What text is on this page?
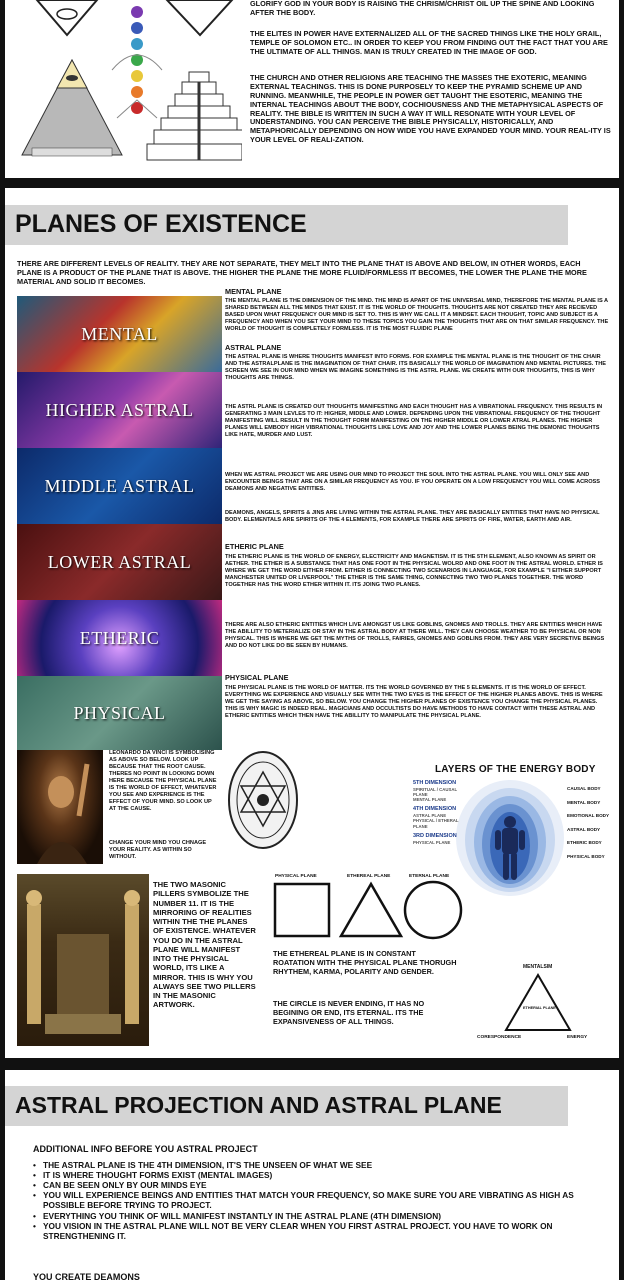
GLORIFY GOD IN YOUR BODY IS RAISING THE CHRISM/CHRIST OIL UP THE SPINE AND LOOKING AFTER THE BODY.
THE ELITES IN POWER HAVE EXTERNALIZED ALL OF THE SACRED THINGS LIKE THE HOLY GRAIL, TEMPLE OF SOLOMON ETC.. IN ORDER TO KEEP YOU FROM FINDING OUT THE FACT THAT YOU ARE THE ULTIMATE OF ALL THINGS. MAN IS TRULY CREATED IN THE IMAGE OF GOD.
THE CHURCH AND OTHER RELIGIONS ARE TEACHING THE MASSES THE EXOTERIC, MEANING EXTERNAL TEACHINGS. THIS IS DONE PURPOSELY TO KEEP THE PYRAMID SCHEME UP AND RUNNING. MEANWHILE, THE PEOPLE IN POWER GET TAUGHT THE ESOTERIC, MEANING THE INTERNAL TEACHINGS ABOUT THE BODY, COCHIOUSNESS AND THE METAPHYSICAL ASPECTS OF REALITY. THE BIBLE IS WRITTEN IN SUCH A WAY IT WILL RESONATE WITH YOUR LEVEL OF UNDERSTANDING. YOU CAN PERCEIVE THE BIBLE PHYSICALLY, HISTORICALLY, AND METAPHORICALLY DEPENDING ON HOW WIDE YOU HAVE EXPANDED YOUR MIND. YOUR REAL-ITY IS YOUR LEVEL OF REALI-ZATION.
PLANES OF EXISTENCE
THERE ARE DIFFERENT LEVELS OF REALITY. THEY ARE NOT SEPARATE, THEY MELT INTO THE PLANE THAT IS ABOVE AND BELOW, IN OTHER WORDS, EACH PLANE IS A PRODUCT OF THE PLANE THAT IS ABOVE. THE HIGHER THE PLANE THE MORE FLUID/FORMLESS IT BECOMES, THE LOWER THE PLANE THE MORE MATERIAL AND SOLID IT BECOMES.
MENTAL
HIGHER ASTRAL
MIDDLE ASTRAL
LOWER ASTRAL
ETHERIC
PHYSICAL
MENTAL PLANE
THE MENTAL PLANE IS THE DIMENSION OF THE MIND. THE MIND IS APART OF THE UNIVERSAL MIND, THEREFORE THE MENTAL PLANE IS A SHARED BETWEEN ALL THE MINDS THAT EXIST. IT IS THE WORLD OF THOUGHTS. THOUGHTS ARE NOT CREATED THEY ARE RECIEVED BASED UPON WHAT FREQUENCY OUR MIND IS SET TO. THIS IS WHY WE CALL IT A MINDSET. EACH THOUGHT, TOPIC AND SUBJECT IS A FREQUENCY AND WHEN YOU SET YOUR MIND TO THESE TOPICS YOU GAIN THE THOUGHTS THAT ARE ON THAT SIMILAR FREQUENCY. THE WORLD OF THOUGHT IS COMPLETELY FORMLESS. IT IS THE MOST FLUIDIC PLANE
ASTRAL PLANE
THE ASTRAL PLANE IS WHERE THOUGHTS MANIFEST INTO FORMS. FOR EXAMPLE THE MENTAL PLANE IS THE THOUGHT OF THE CHAIR AND THE ASTRALPLANE IS THE IMAGINATION OF THAT CHAIR. ITS BASICALLY THE WORLD OF IMAGINATION AND MENTAL PICTURES. THE SCREEN WE SEE IN OUR MIND WHEN WE IMAGINE SOMETHING IS THE ASTRL PLANE. WE CREATE WITH OUR THOUGHTS, THIS IS WHY THOUGHTS ARE THINGS.
THE ASTRL PLANE IS CREATED OUT THOUGHTS MANIFESTING AND EACH THOUGHT HAS A VIBRATIONAL FREQUENCY. THIS RESULTS IN GENERATING 3 MAIN LEVLES TO IT: HIGHER, MIDDLE AND LOWER. DEPENDING UPON THE VIBRATIONAL FREQUENCY OF THE THOUGHT MANIFESTING WILL RESULT IN THE THOUGHT FORM MANIFESTING ON THE HIGHER MIDDLE OR LOWER ATRAL PLANES. THE HIGHER PLANES WILL EMBODY HIGH VIBRATIONAL THOUGHTS LIKE LOVE AND JOY AND THE LOWER PLANES BEING THE DEMONIC THOUGHTS LIKE HATE, MURDER AND LUST.
WHEN WE ASTRAL PROJECT WE ARE USING OUR MIND TO PROJECT THE SOUL INTO THE ASTRAL PLANE. YOU WILL ONLY SEE AND ENCOUNTER BEINGS THAT ARE ON A SIMILAR FREQUENCY AS YOU. IF YOU OPERATE ON A LOW FREQUENCY YOU WILL COME ACROSS DEAMONS AND NEGATIVE ENTITIES.
DEAMONS, ANGELS, SPIRITS & JINS ARE LIVING WITHIN THE ASTRAL PLANE. THEY ARE BASICALLY ENTITIES THAT HAVE NO PHYSICAL BODY. ELEMENTALS ARE SPIRITS OF THE 4 ELEMENTS, FOR EXAMPLE THERE ARE SPIRITS OF FIRE, WATER, EARTH AND AIR.
ETHERIC PLANE
THE ETHERIC PLANE IS THE WORLD OF ENERGY, ELECTRICITY AND MAGNETISM. IT IS THE 5TH ELEMENT, ALSO KNOWN AS SPIRIT OR AETHER. THE ETHER IS A SUBSTANCE THAT HAS ONE FOOT IN THE PHYSICAL WOLRD AND ONE FOOT IN THE ASTRAL WORLD. ETHER IS WHERE WE GET THE WORD EITHER FROM. EITHER IS CONNECTING TWO SCENARIOS IN LANGUAGE, FOR EXAMPLE "I EITHER SUPPORT MANCHESTER UNITED OR LIVERPOOL" THE ETHER IS THE SAME THING, CONNECTING TWO TWO PLANES TOGETHER. THE WORD TOGETHER HAS THE WORD ETHER WITHIN IT. ITS JOING TWO PLANES.
THERE ARE ALSO ETHERIC ENTITIES WHICH LIVE AMONGST US LIKE GOBLINS, GNOMES AND TROLLS. THEY ARE ENTITIES WHICH HAVE THE ABILLITY TO METERIALIZE OR STAY IN THE ASTRAL BODY AT THERE WILL. THEY CAN CHOOSE WEATHER TO BE PHYSICAL OR NON PHYSICAL. THIS IS WHERE WE GET THE MYTHS OF TROLLS, FAIRIES, GNOMES AND GOBLINS FROM. THEY ARE VERY SECRETIVE BEINGS AND DO NOT LIKE DO BE SEEN BY HUMANS.
PHYSICAL PLANE
THE PHYSICAL PLANE IS THE WORLD OF MATTER. ITS THE WORLD GOVERNED BY THE 5 ELEMENTS. IT IS THE WORLD OF EFFECT. EVERYTHING WE EXPERIENCE AND VISUALLY SEE WITH THE TWO EYES IS THE EFFECT OF THE HIGHER PLANES ABOVE. THIS IS WHERE WE GET THE SAYING AS ABOVE, SO BELOW. YOU CHANGE THE HIGHER PLANES OF EXISTENCE YOU CHANGE THE PHYSICAL PLANES. THIS IS WHY MAGIC IS INDEED REAL. MAGICIANS AND OCCULTISTS DO HAVE METHODS TO HAVE CONTACT WITH THESE ASTRAL AND ETHERIC ENTITIES WHICH THEN HAVE THE ABILLITY TO MANIPULATE THE PHYSICAL PLANE.
LEONARDO DA VINCI IS SYMBOLISING AS ABOVE SO BELOW. LOOK UP BECAUSE THAT THE ROOT CAUSE. THERES NO POINT IN LOOKING DOWN HERE BECAUSE THE PHYSICAL PLANE IS THE WORLD OF EFFECT, WHATEVER YOU SEE AND EXPERIENCE IS THE EFFECT OF YOUR MIND. SO LOOK UP AT THE CAUSE.
CHANGE YOUR MIND YOU CHNAGE YOUR REALITY. AS WITHIN SO WITHOUT.
LAYERS OF THE ENERGY BODY
5TH DIMENSION
SPIRITUAL / CAUSAL PLANE
MENTAL PLANE
4TH DIMENSION
ASTRAL PLANE
PHYSICAL / ETHERAL PLANE
3RD DIMENSION
PHYSICAL PLANE
CAUSAL BODY
MENTAL BODY
EMOTIONAL BODY
ASTRAL BODY
ETHERIC BODY
PHYSICAL BODY
THE TWO MASONIC PILLERS SYMBOLIZE THE NUMBER 11. IT IS THE MIRRORING OF REALITIES WITHIN THE THE PLANES OF EXISTENCE. WHATEVER YOU DO IN THE ASTRAL PLANE WILL MANIFEST INTO THE PHYSICAL WORLD, ITS LIKE A MIRROR. THIS IS WHY YOU ALWAYS SEE TWO PILLERS IN THE MASONIC ARTWORK.
PHYSICAL PLANE	ETHEREAL PLANE	ETERNAL PLANE
THE ETHEREAL PLANE IS IN CONSTANT ROATATION WITH THE PHYSICAL PLANE THORUGH RHYTHEM, KARMA, POLARITY AND GENDER.
THE CIRCLE IS NEVER ENDING, IT HAS NO BEGINING OR END, ITS ETERNAL. ITS THE EXPANSIVENESS OF ALL THINGS.
MENTALSIM
ETHERIAL PLANE
CORESPONDENCE	ENERGY
ASTRAL PROJECTION AND ASTRAL PLANE
ADDITIONAL INFO BEFORE YOU ASTRAL PROJECT
• THE ASTRAL PLANE IS THE 4TH DIMENSION, IT'S THE UNSEEN OF WHAT WE SEE
• IT IS WHERE THOUGHT FORMS EXIST (MENTAL IMAGES)
• CAN BE SEEN ONLY BY OUR MINDS EYE
• YOU WILL EXPERIENCE BEINGS AND ENTITIES THAT MATCH YOUR FREQUENCY, SO MAKE SURE YOU ARE VIBRATING AS HIGH AS POSSIBLE BEFORE TRYING TO PROJECT.
• EVERYTHING YOU THINK OF WILL MANIFEST INSTANTLY IN THE ASTRAL PLANE (4TH DIMENSION)
• YOU VISION IN THE ASTRAL PLANE WILL NOT BE VERY CLEAR WHEN YOU FIRST ASTRAL PROJECT. YOU HAVE TO WORK ON STRENGTHENING IT.
YOU CREATE DEAMONS
